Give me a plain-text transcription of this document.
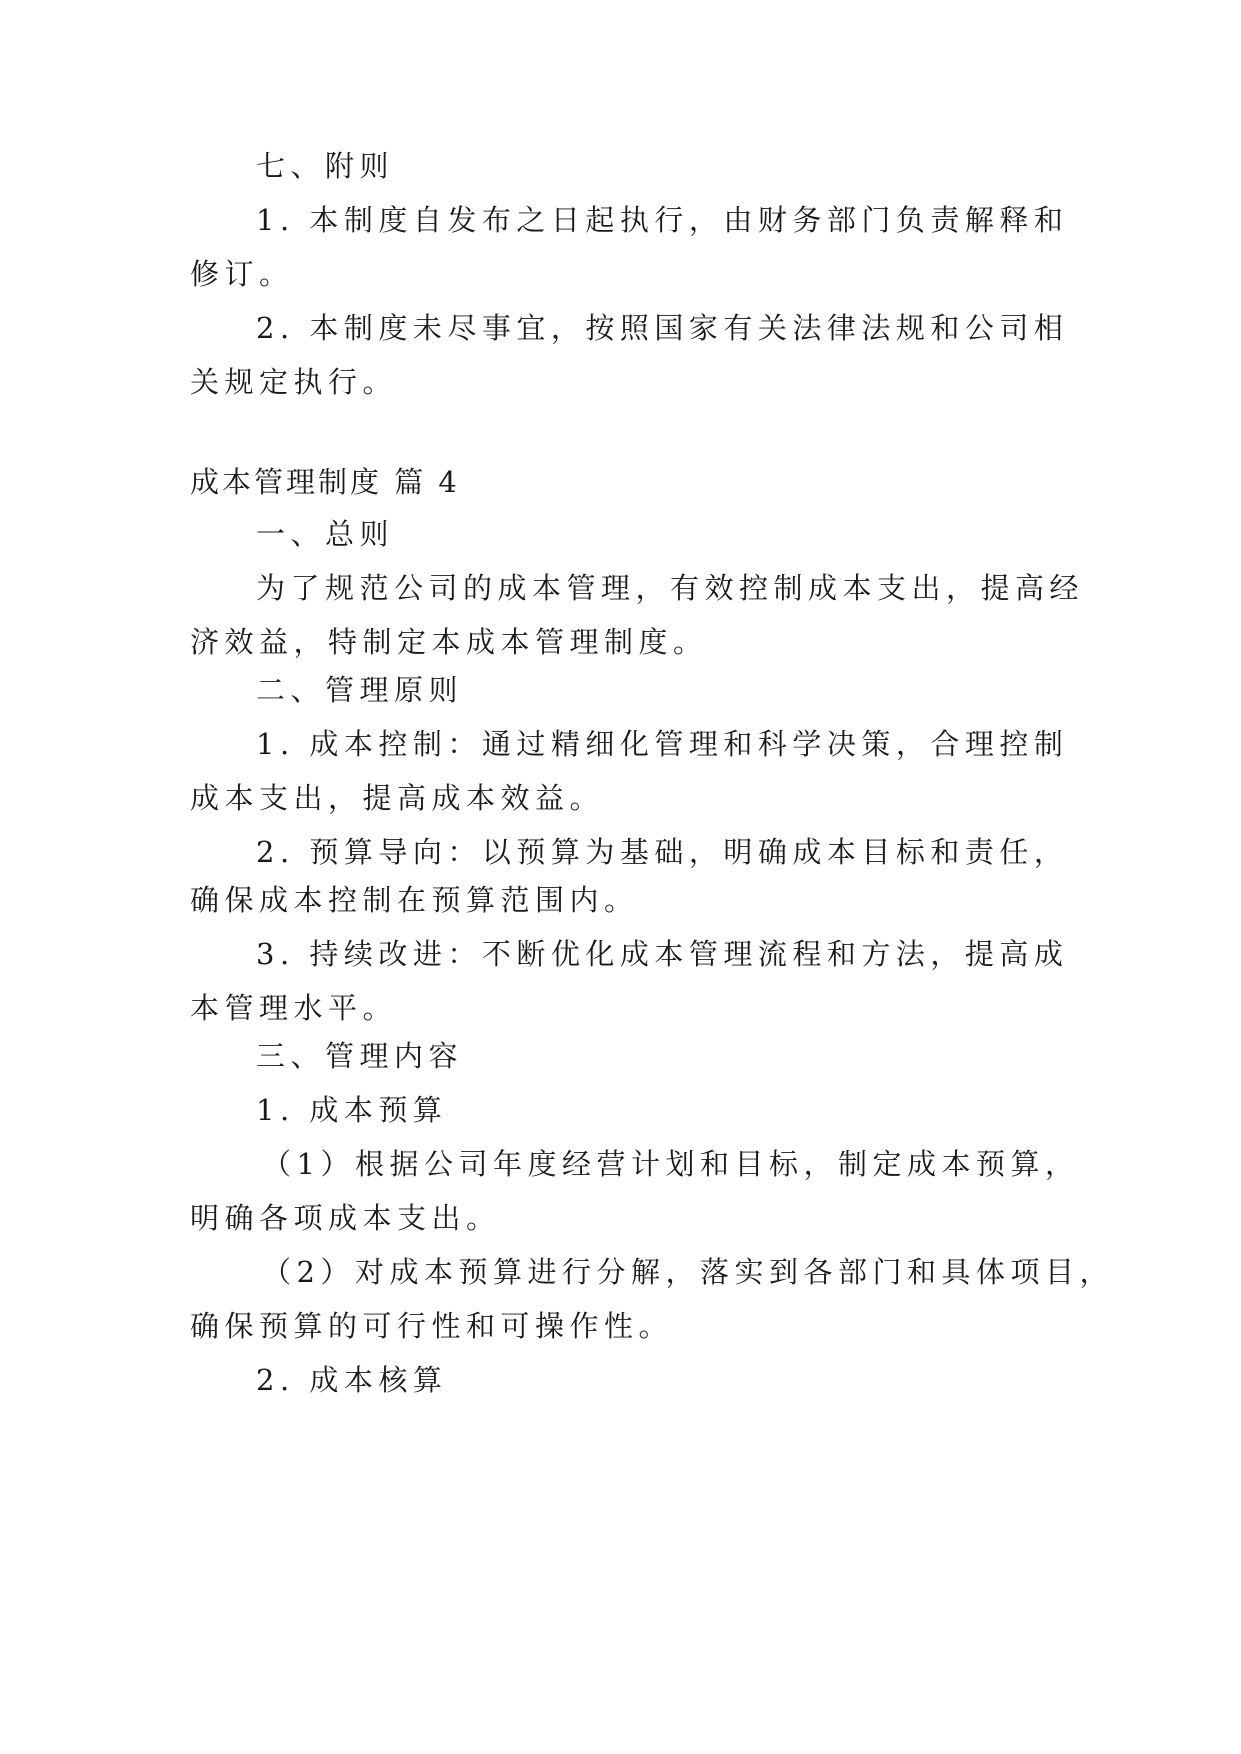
七、附则
1. 本制度自发布之日起执行，由财务部门负责解释和
修订。
2. 本制度未尽事宜，按照国家有关法律法规和公司相
关规定执行。
成本管理制度 篇 4
一、总则
为了规范公司的成本管理，有效控制成本支出，提高经
济效益，特制定本成本管理制度。
二、管理原则
1. 成本控制：通过精细化管理和科学决策，合理控制
成本支出，提高成本效益。
2. 预算导向：以预算为基础，明确成本目标和责任，
确保成本控制在预算范围内。
3. 持续改进：不断优化成本管理流程和方法，提高成
本管理水平。
三、管理内容
1. 成本预算
（1）根据公司年度经营计划和目标，制定成本预算，
明确各项成本支出。
（2）对成本预算进行分解，落实到各部门和具体项目，
确保预算的可行性和可操作性。
2. 成本核算
